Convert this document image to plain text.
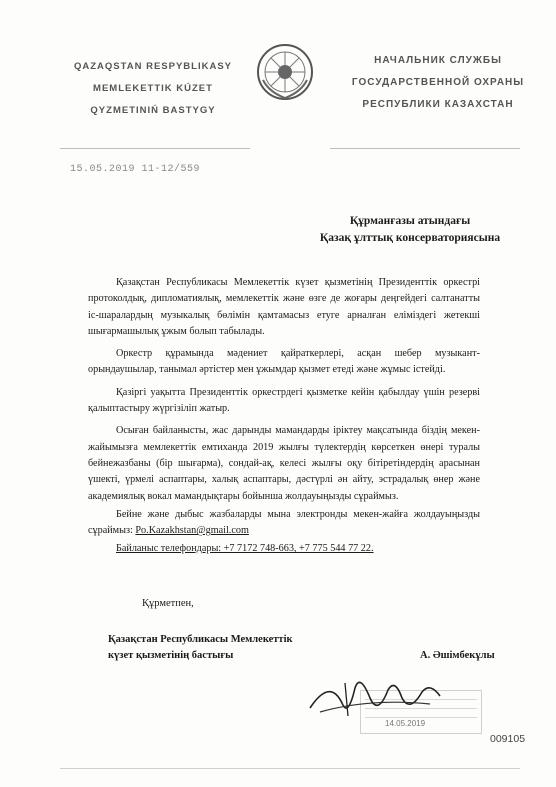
QAZAQSTAN RESPYBLIKASY
MEMLEKETTIK KÚZET
QYZMETINIŃ BASTYGY
НАЧАЛЬНИК СЛУЖБЫ
ГОСУДАРСТВЕННОЙ ОХРАНЫ
РЕСПУБЛИКИ КАЗАХСТАН
15.05.2019 11-12/559
Құрманғазы атындағы
Қазақ ұлттық консерваториясына

Қазақстан Республикасы Мемлекеттік күзет қызметінің Президенттік оркестрі протоколдық, дипломатиялық, мемлекеттік және өзге де жоғары деңгейдегі салтанатты іс-шаралардың музыкалық бөлімін қамтамасыз етуге арналған еліміздегі жетекші шығармашылық ұжым болып табылады.

Оркестр құрамында мәдениет қайраткерлері, асқан шебер музыкант-орындаушылар, танымал әртістер мен ұжымдар қызмет етеді және жұмыс істейді.

Қазіргі уақытта Президенттік оркестрдегі қызметке кейін қабылдау үшін резерві қалыптастыру жүргізіліп жатыр.

Осыған байланысты, жас дарынды мамандарды іріктеу мақсатында біздің мекен-жайымызға мемлекеттік емтиханда 2019 жылғы түлектердің көрсеткен өнері туралы бейнежазбаны (бір шығарма), сондай-ақ, келесі жылғы оқу бітіретіндердің арасынан үшекті, үрмелі аспаптары, халық аспаптары, дәстүрлі ән айту, эстрадалық өнер және академиялық вокал мамандықтары бойынша жолдауыңызды сұраймыз.

Бейне және дыбыс жазбаларды мына электронды мекен-жайға жолдауыңызды сұраймыз: Po.Kazakhstan@gmail.com

Байланыс телефондары: +7 7172 748-663, +7 775 544 77 22.

Құрметпен,
Қазақстан Республикасы Мемлекеттік
күзет қызметінің бастығы	А. Әшімбекұлы
14.05.2019
009105
